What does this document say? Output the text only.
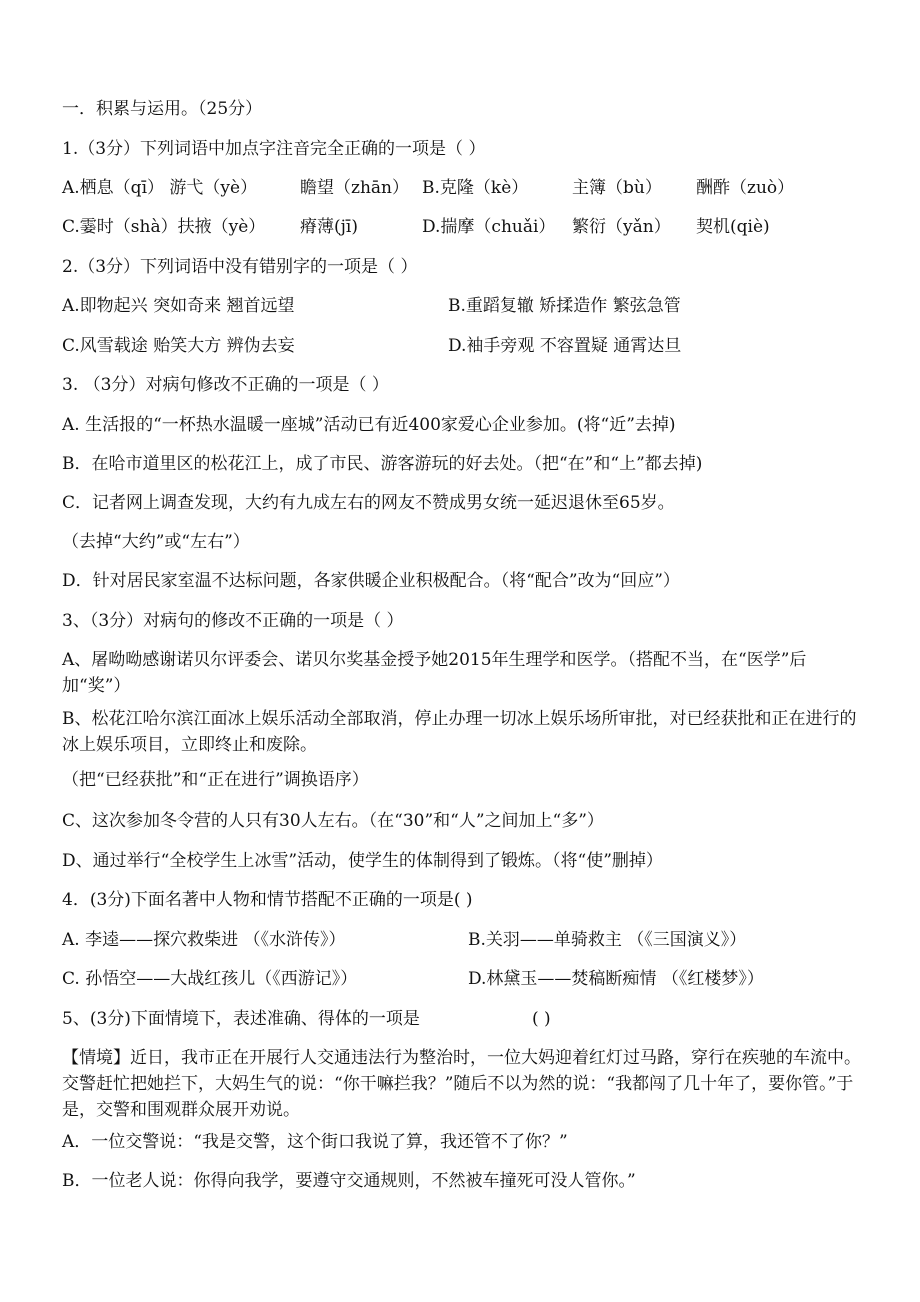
一．积累与运用。（25分）
1.（3分）下列词语中加点字注音完全正确的一项是（ ）
A.栖息（qī） 游弋（yè）	瞻望（zhān） B.克隆（kè）	主簿（bù） 酬酢（zuò）
C.霎时（shà）扶掖（yè） 瘠薄(jī)	D.揣摩（chuǎi） 繁衍（yǎn） 契机(qiè)
2.（3分）下列词语中没有错别字的一项是（ ）
A.即物起兴 突如奇来 翘首远望	B.重蹈复辙 矫揉造作 繁弦急管
C.风雪载途 贻笑大方 辨伪去妄	D.袖手旁观 不容置疑 通霄达旦
3. （3分）对病句修改不正确的一项是（ ）
A. 生活报的“一杯热水温暖一座城”活动已有近400家爱心企业参加。(将“近”去掉)
B．在哈市道里区的松花江上，成了市民、游客游玩的好去处。（把“在”和“上”都去掉)
C．记者网上调查发现，大约有九成左右的网友不赞成男女统一延迟退休至65岁。
（去掉“大约”或“左右”）
D．针对居民家室温不达标问题，各家供暖企业积极配合。（将“配合”改为“回应”）
3、（3分）对病句的修改不正确的一项是（ ）
A、屠呦呦感谢诺贝尔评委会、诺贝尔奖基金授予她2015年生理学和医学。（搭配不当，在“医学”后加“奖”）
B、松花江哈尔滨江面冰上娱乐活动全部取消，停止办理一切冰上娱乐场所审批，对已经获批和正在进行的冰上娱乐项目，立即终止和废除。
（把“已经获批”和“正在进行”调换语序）
C、这次参加冬令营的人只有30人左右。（在“30”和“人”之间加上“多”）
D、通过举行“全校学生上冰雪”活动，使学生的体制得到了锻炼。（将“使”删掉）
4．(3分)下面名著中人物和情节搭配不正确的一项是( )
A. 李逵——探穴救柴进 （《水浒传》）	B.关羽——单骑救主 （《三国演义》）
C. 孙悟空——大战红孩儿（《西游记》）	D.林黛玉——焚稿断痴情 （《红楼梦》）
5、(3分)下面情境下，表述准确、得体的一项是	( )
【情境】近日，我市正在开展行人交通违法行为整治时，一位大妈迎着红灯过马路，穿行在疾驰的车流中。交警赶忙把她拦下，大妈生气的说：“你干嘛拦我？”随后不以为然的说：“我都闯了几十年了，要你管。”于是，交警和围观群众展开劝说。
A．一位交警说：“我是交警，这个街口我说了算，我还管不了你？”
B．一位老人说：你得向我学，要遵守交通规则，不然被车撞死可没人管你。”
